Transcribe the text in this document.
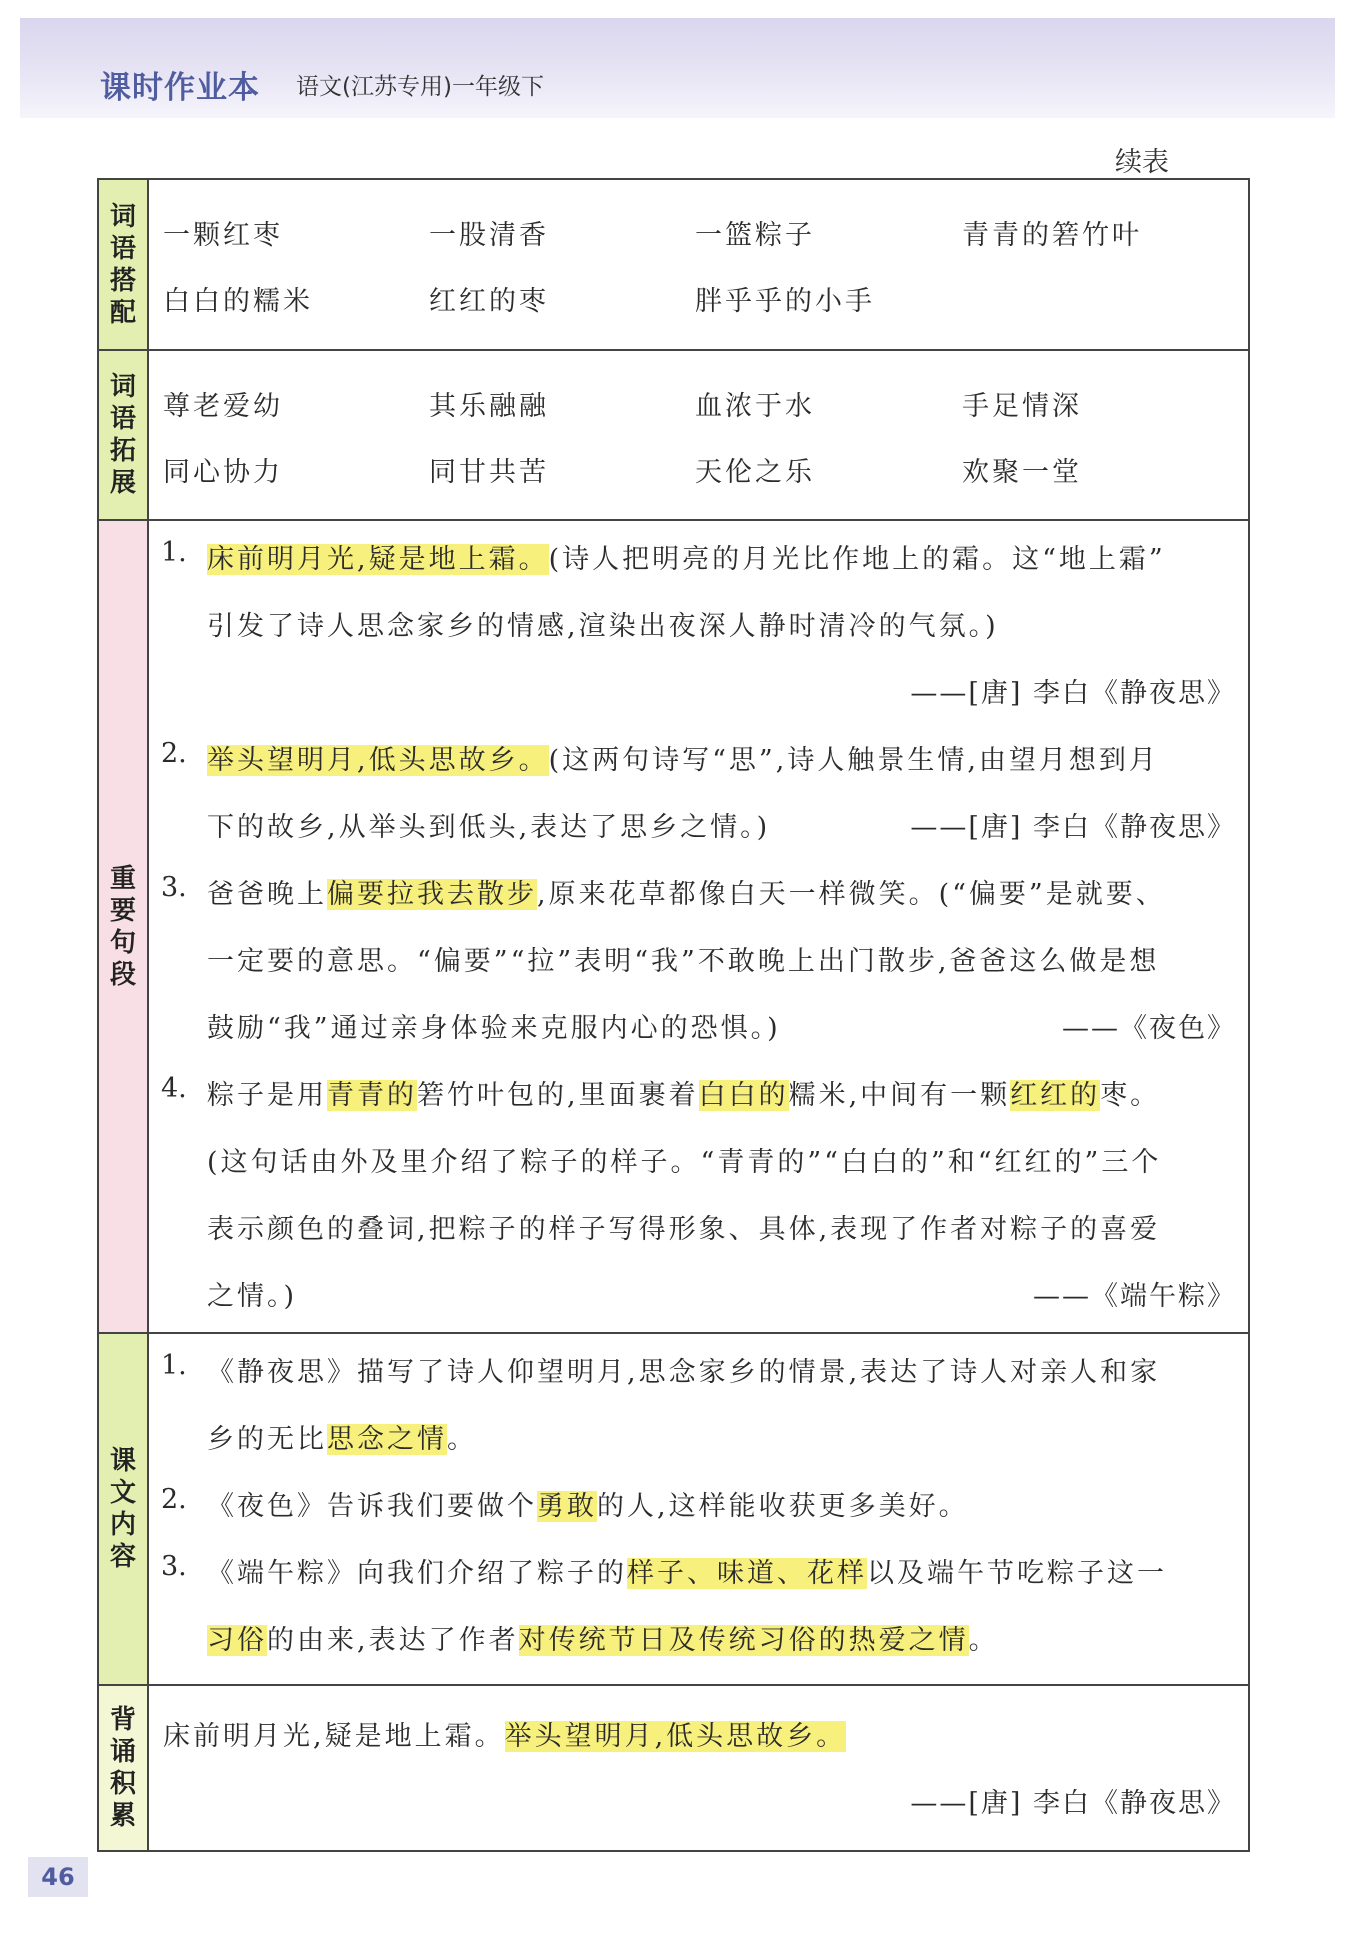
课时作业本 语文(江苏专用)一年级下
续表
词
语
搭
配
一颗红枣	一股清香	一篮粽子	青青的箬竹叶
白白的糯米	红红的枣	胖乎乎的小手
词
语
拓
展
尊老爱幼	其乐融融	血浓于水	手足情深
同心协力	同甘共苦	天伦之乐	欢聚一堂
重
要
句
段
1. 床前明月光,疑是地上霜。(诗人把明亮的月光比作地上的霜。这“地上霜”
引发了诗人思念家乡的情感,渲染出夜深人静时清冷的气氛。)
——[唐] 李白《静夜思》
2. 举头望明月,低头思故乡。(这两句诗写“思”,诗人触景生情,由望月想到月
下的故乡,从举头到低头,表达了思乡之情。)	——[唐] 李白《静夜思》
3. 爸爸晚上偏要拉我去散步,原来花草都像白天一样微笑。(“偏要”是就要、
一定要的意思。“偏要”“拉”表明“我”不敢晚上出门散步,爸爸这么做是想
鼓励“我”通过亲身体验来克服内心的恐惧。)	——《夜色》
4. 粽子是用青青的箬竹叶包的,里面裹着白白的糯米,中间有一颗红红的枣。
(这句话由外及里介绍了粽子的样子。“青青的”“白白的”和“红红的”三个
表示颜色的叠词,把粽子的样子写得形象、具体,表现了作者对粽子的喜爱
之情。)	——《端午粽》
课
文
内
容
1. 《静夜思》描写了诗人仰望明月,思念家乡的情景,表达了诗人对亲人和家
乡的无比思念之情。
2. 《夜色》告诉我们要做个勇敢的人,这样能收获更多美好。
3. 《端午粽》向我们介绍了粽子的样子、味道、花样以及端午节吃粽子这一
习俗的由来,表达了作者对传统节日及传统习俗的热爱之情。
背
诵
积
累
床前明月光,疑是地上霜。举头望明月,低头思故乡。
——[唐] 李白《静夜思》
46
